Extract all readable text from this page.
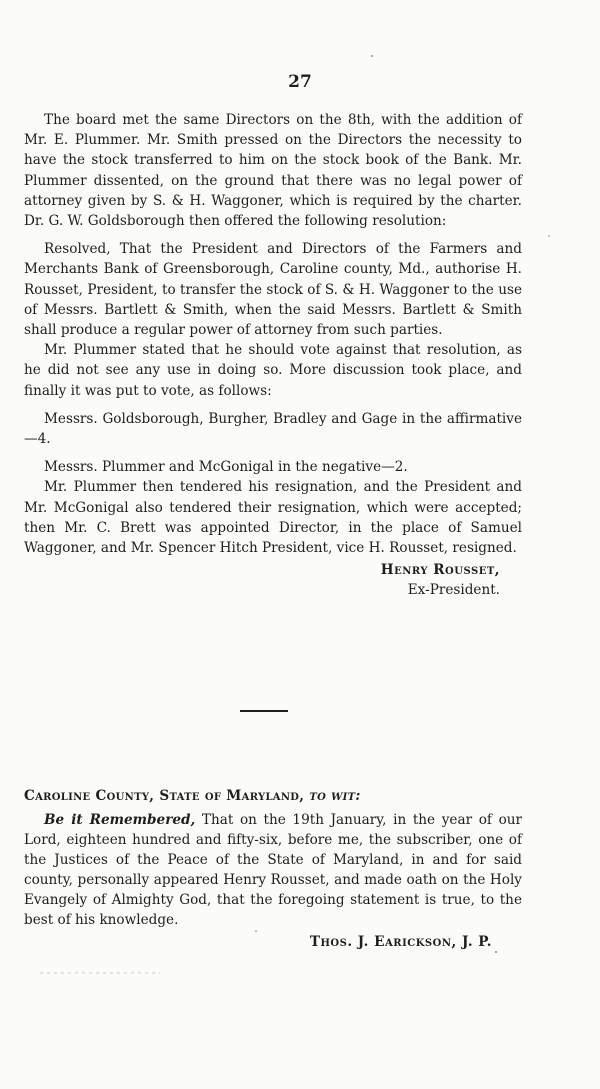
27

The board met the same Directors on the 8th, with the addition of Mr. E. Plummer. Mr. Smith pressed on the Directors the necessity to have the stock transferred to him on the stock book of the Bank. Mr. Plummer dissented, on the ground that there was no legal power of attorney given by S. & H. Waggoner, which is required by the charter. Dr. G. W. Goldsborough then offered the following resolution:

Resolved, That the President and Directors of the Farmers and Merchants Bank of Greensborough, Caroline county, Md., authorise H. Rousset, President, to transfer the stock of S. & H. Waggoner to the use of Messrs. Bartlett & Smith, when the said Messrs. Bartlett & Smith shall produce a regular power of attorney from such parties.

Mr. Plummer stated that he should vote against that resolution, as he did not see any use in doing so. More discussion took place, and finally it was put to vote, as follows:

Messrs. Goldsborough, Burgher, Bradley and Gage in the affirmative—4.

Messrs. Plummer and McGonigal in the negative—2.

Mr. Plummer then tendered his resignation, and the President and Mr. McGonigal also tendered their resignation, which were accepted; then Mr. C. Brett was appointed Director, in the place of Samuel Waggoner, and Mr. Spencer Hitch President, vice H. Rousset, resigned.

Henry Rousset,
Ex-President.

Caroline County, State of Maryland, to wit:

Be it Remembered, That on the 19th January, in the year of our Lord, eighteen hundred and fifty-six, before me, the subscriber, one of the Justices of the Peace of the State of Maryland, in and for said county, personally appeared Henry Rousset, and made oath on the Holy Evangely of Almighty God, that the foregoing statement is true, to the best of his knowledge.

Thos. J. Earickson, J. P.
